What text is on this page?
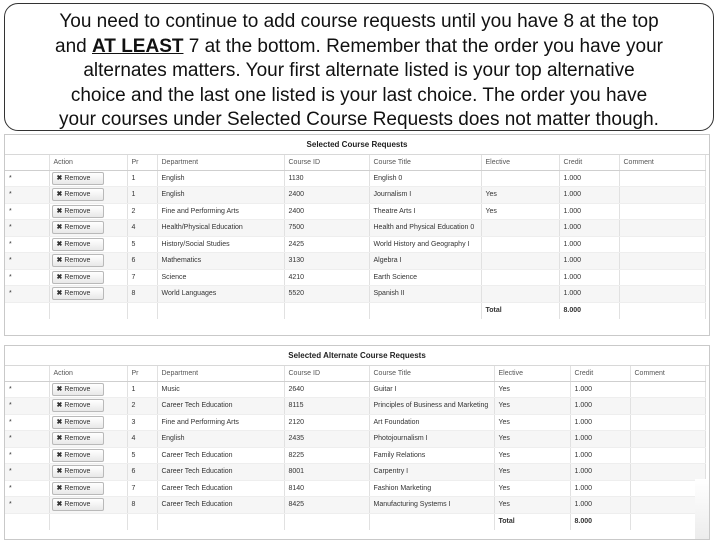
You need to continue to add course requests until you have 8 at the top
and AT LEAST 7 at the bottom. Remember that the order you have your
alternates matters. Your first alternate listed is your top alternative
choice and the last one listed is your last choice. The order you have
your courses under Selected Course Requests does not matter though.
Selected Course Requests
	Action	Pr	Department	Course ID	Course Title	Elective	Credit	Comment
*	✖ Remove	1	English	1130	English 0		1.000	
*	✖ Remove	1	English	2400	Journalism I	Yes	1.000	
*	✖ Remove	2	Fine and Performing Arts	2400	Theatre Arts I	Yes	1.000	
*	✖ Remove	4	Health/Physical Education	7500	Health and Physical Education 0		1.000	
*	✖ Remove	5	History/Social Studies	2425	World History and Geography I		1.000	
*	✖ Remove	6	Mathematics	3130	Algebra I		1.000	
*	✖ Remove	7	Science	4210	Earth Science		1.000	
*	✖ Remove	8	World Languages	5520	Spanish II		1.000	
						Total	8.000	
Selected Alternate Course Requests
	Action	Pr	Department	Course ID	Course Title	Elective	Credit	Comment
*	✖ Remove	1	Music	2640	Guitar I	Yes	1.000	
*	✖ Remove	2	Career Tech Education	8115	Principles of Business and Marketing	Yes	1.000	
*	✖ Remove	3	Fine and Performing Arts	2120	Art Foundation	Yes	1.000	
*	✖ Remove	4	English	2435	Photojournalism I	Yes	1.000	
*	✖ Remove	5	Career Tech Education	8225	Family Relations	Yes	1.000	
*	✖ Remove	6	Career Tech Education	8001	Carpentry I	Yes	1.000	
*	✖ Remove	7	Career Tech Education	8140	Fashion Marketing	Yes	1.000	
*	✖ Remove	8	Career Tech Education	8425	Manufacturing Systems I	Yes	1.000	
						Total	8.000	
